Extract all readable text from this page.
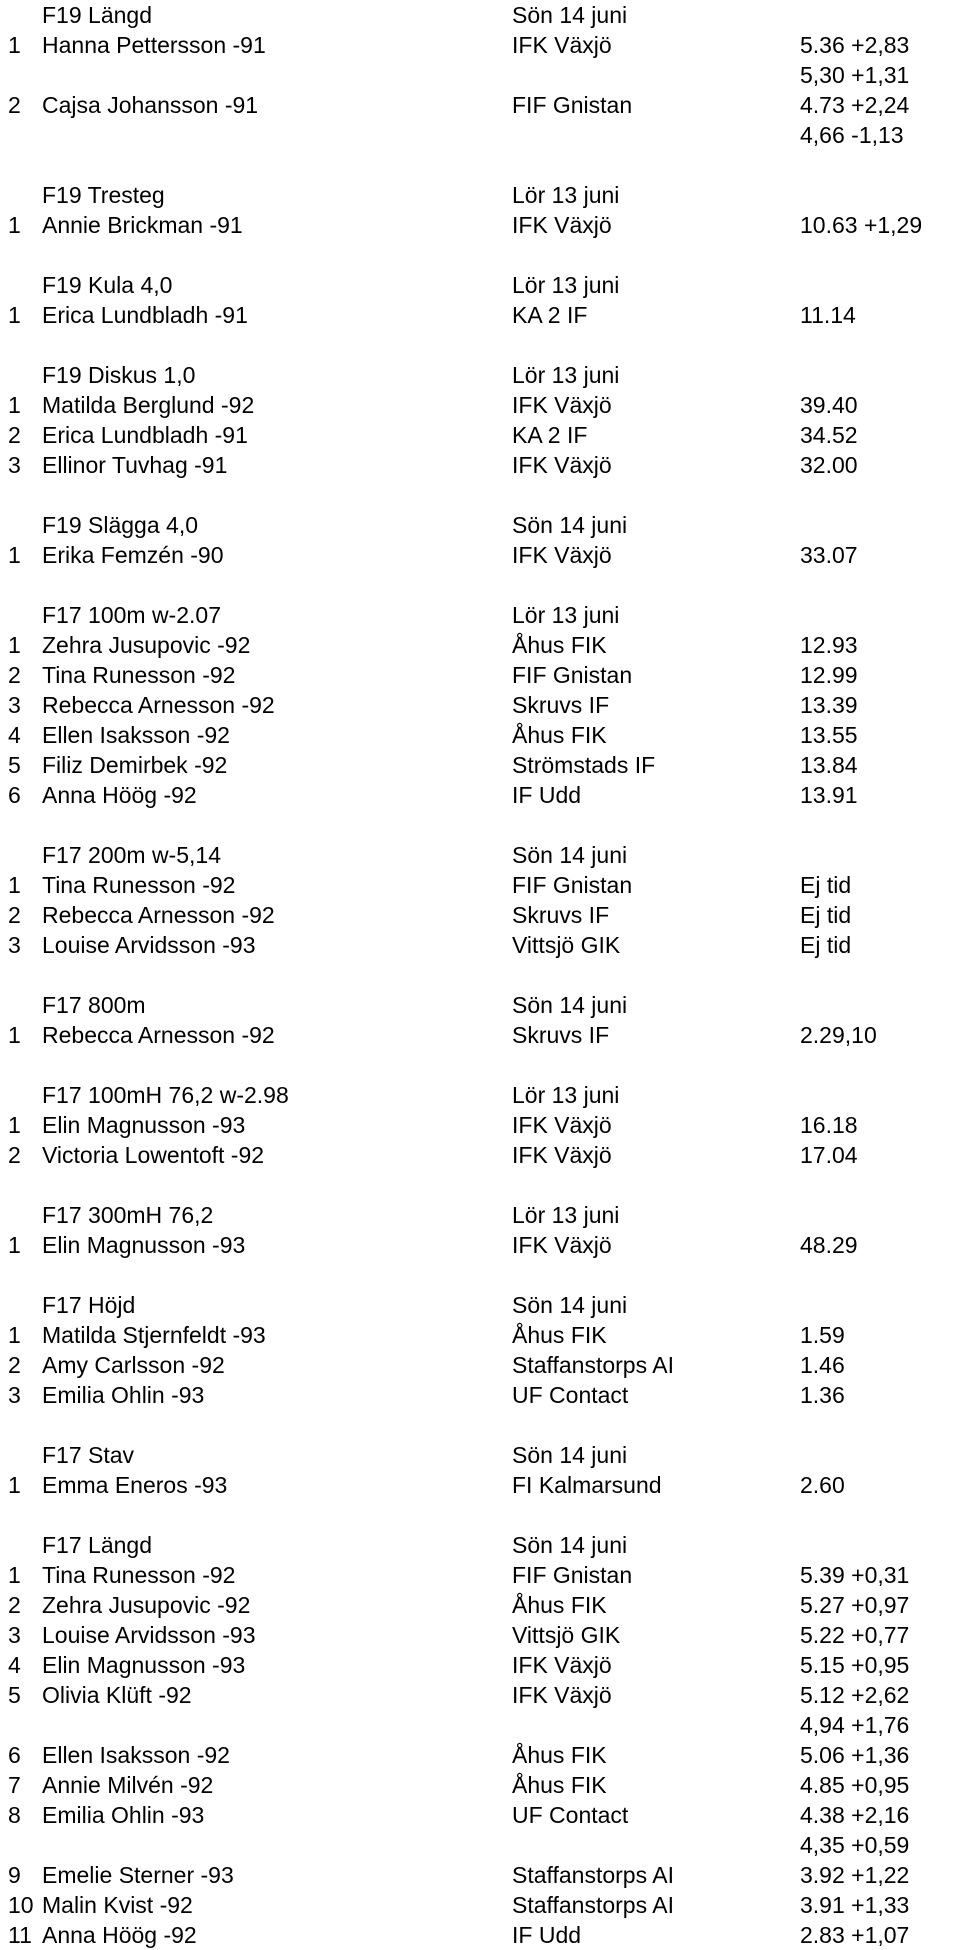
F19 Längd	Sön 14 juni
1 Hanna Pettersson -91	IFK Växjö	5.36 +2,83
5,30 +1,31
2 Cajsa Johansson -91	FIF Gnistan	4.73 +2,24
4,66 -1,13
F19 Tresteg	Lör 13 juni
1 Annie Brickman -91	IFK Växjö	10.63 +1,29
F19 Kula 4,0	Lör 13 juni
1 Erica Lundbladh -91	KA 2 IF	11.14
F19 Diskus 1,0	Lör 13 juni
1 Matilda Berglund -92	IFK Växjö	39.40
2 Erica Lundbladh -91	KA 2 IF	34.52
3 Ellinor Tuvhag -91	IFK Växjö	32.00
F19 Slägga 4,0	Sön 14 juni
1 Erika Femzén -90	IFK Växjö	33.07
F17 100m w-2.07	Lör 13 juni
1 Zehra Jusupovic -92	Åhus FIK	12.93
2 Tina Runesson -92	FIF Gnistan	12.99
3 Rebecca Arnesson -92	Skruvs IF	13.39
4 Ellen Isaksson -92	Åhus FIK	13.55
5 Filiz Demirbek -92	Strömstads IF	13.84
6 Anna Höög -92	IF Udd	13.91
F17 200m w-5,14	Sön 14 juni
1 Tina Runesson -92	FIF Gnistan	Ej tid
2 Rebecca Arnesson -92	Skruvs IF	Ej tid
3 Louise Arvidsson -93	Vittsjö GIK	Ej tid
F17 800m	Sön 14 juni
1 Rebecca Arnesson -92	Skruvs IF	2.29,10
F17 100mH 76,2 w-2.98	Lör 13 juni
1 Elin Magnusson -93	IFK Växjö	16.18
2 Victoria Lowentoft -92	IFK Växjö	17.04
F17 300mH 76,2	Lör 13 juni
1 Elin Magnusson -93	IFK Växjö	48.29
F17 Höjd	Sön 14 juni
1 Matilda Stjernfeldt -93	Åhus FIK	1.59
2 Amy Carlsson -92	Staffanstorps AI	1.46
3 Emilia Ohlin -93	UF Contact	1.36
F17 Stav	Sön 14 juni
1 Emma Eneros -93	FI Kalmarsund	2.60
F17 Längd	Sön 14 juni
1 Tina Runesson -92	FIF Gnistan	5.39 +0,31
2 Zehra Jusupovic -92	Åhus FIK	5.27 +0,97
3 Louise Arvidsson -93	Vittsjö GIK	5.22 +0,77
4 Elin Magnusson -93	IFK Växjö	5.15 +0,95
5 Olivia Klüft -92	IFK Växjö	5.12 +2,62
4,94 +1,76
6 Ellen Isaksson -92	Åhus FIK	5.06 +1,36
7 Annie Milvén -92	Åhus FIK	4.85 +0,95
8 Emilia Ohlin -93	UF Contact	4.38 +2,16
4,35 +0,59
9 Emelie Sterner -93	Staffanstorps AI	3.92 +1,22
10 Malin Kvist -92	Staffanstorps AI	3.91 +1,33
11 Anna Höög -92	IF Udd	2.83 +1,07
